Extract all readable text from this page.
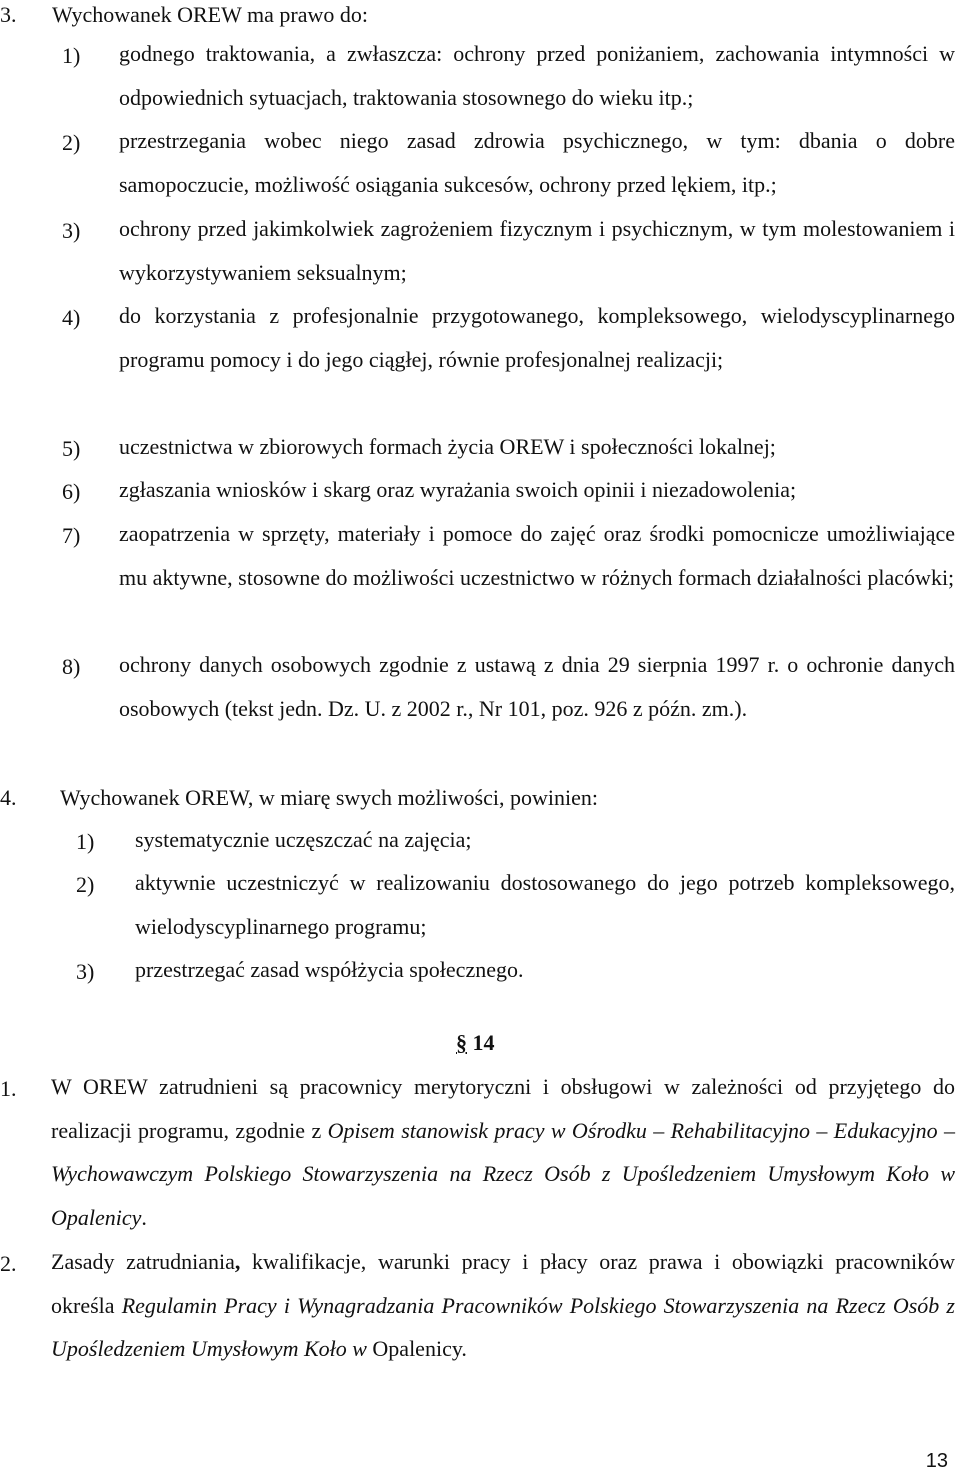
3. Wychowanek OREW ma prawo do:
1) godnego traktowania, a zwłaszcza: ochrony przed poniżaniem, zachowania intymności w odpowiednich sytuacjach, traktowania stosownego do wieku itp.;
2) przestrzegania wobec niego zasad zdrowia psychicznego, w tym: dbania o dobre samopoczucie, możliwość osiągania sukcesów, ochrony przed lękiem, itp.;
3) ochrony przed jakimkolwiek zagrożeniem fizycznym i psychicznym, w tym molestowaniem i wykorzystywaniem seksualnym;
4) do korzystania z profesjonalnie przygotowanego, kompleksowego, wielodyscyplinarnego programu pomocy i do jego ciągłej, równie profesjonalnej realizacji;
5) uczestnictwa w zbiorowych formach życia OREW i społeczności lokalnej;
6) zgłaszania wniosków i skarg oraz wyrażania swoich opinii i niezadowolenia;
7) zaopatrzenia w sprzęty, materiały i pomoce do zajęć oraz środki pomocnicze umożliwiające mu aktywne, stosowne do możliwości uczestnictwo w różnych formach działalności placówki;
8) ochrony danych osobowych zgodnie z ustawą z dnia 29 sierpnia 1997 r. o ochronie danych osobowych (tekst jedn. Dz. U. z 2002 r., Nr 101, poz. 926 z późn. zm.).
4. Wychowanek OREW, w miarę swych możliwości, powinien:
1) systematycznie uczęszczać na zajęcia;
2) aktywnie uczestniczyć w realizowaniu dostosowanego do jego potrzeb kompleksowego, wielodyscyplinarnego programu;
3) przestrzegać zasad współżycia społecznego.
§ 14
1. W OREW zatrudnieni są pracownicy merytoryczni i obsługowi w zależności od przyjętego do realizacji programu, zgodnie z Opisem stanowisk pracy w Ośrodku – Rehabilitacyjno – Edukacyjno – Wychowawczym Polskiego Stowarzyszenia na Rzecz Osób z Upośledzeniem Umysłowym Koło w Opalenicy.
2. Zasady zatrudniania, kwalifikacje, warunki pracy i płacy oraz prawa i obowiązki pracowników określa Regulamin Pracy i Wynagradzania Pracowników Polskiego Stowarzyszenia na Rzecz Osób z Upośledzeniem Umysłowym Koło w Opalenicy.
13
